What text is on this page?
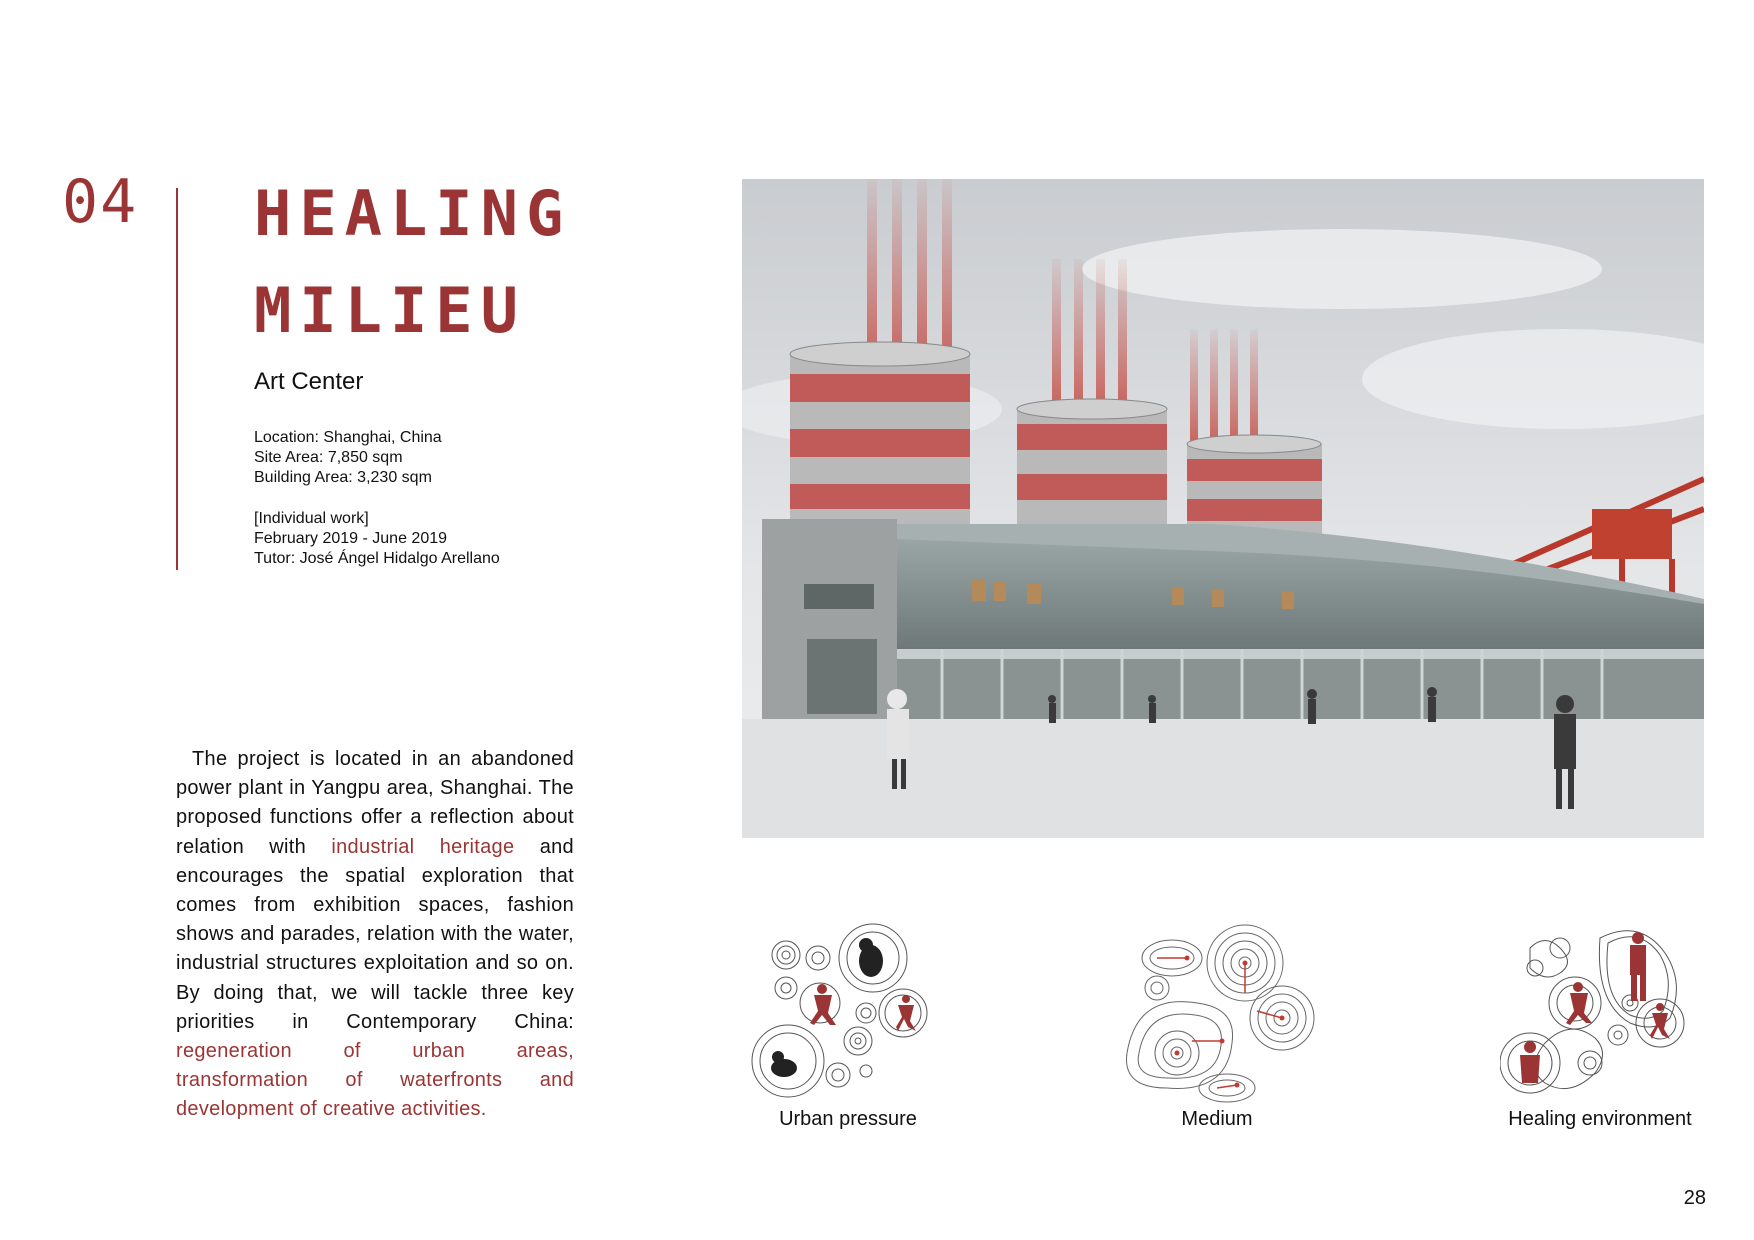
04 HEALING
MILIEU
Art Center
Location: Shanghai, China
Site Area: 7,850 sqm
Building Area: 3,230 sqm
[Individual work]
February 2019 - June 2019
Tutor: José Ángel Hidalgo Arellano
The project is located in an abandoned power plant in Yangpu area, Shanghai. The proposed functions offer a reflection about relation with industrial heritage and encourages the spatial exploration that comes from exhibition spaces, fashion shows and parades, relation with the water, industrial structures exploitation and so on. By doing that, we will tackle three key priorities in Contemporary China: regeneration of urban areas, transformation of waterfronts and development of creative activities.	Urban pressure	Medium	Healing environment
28
